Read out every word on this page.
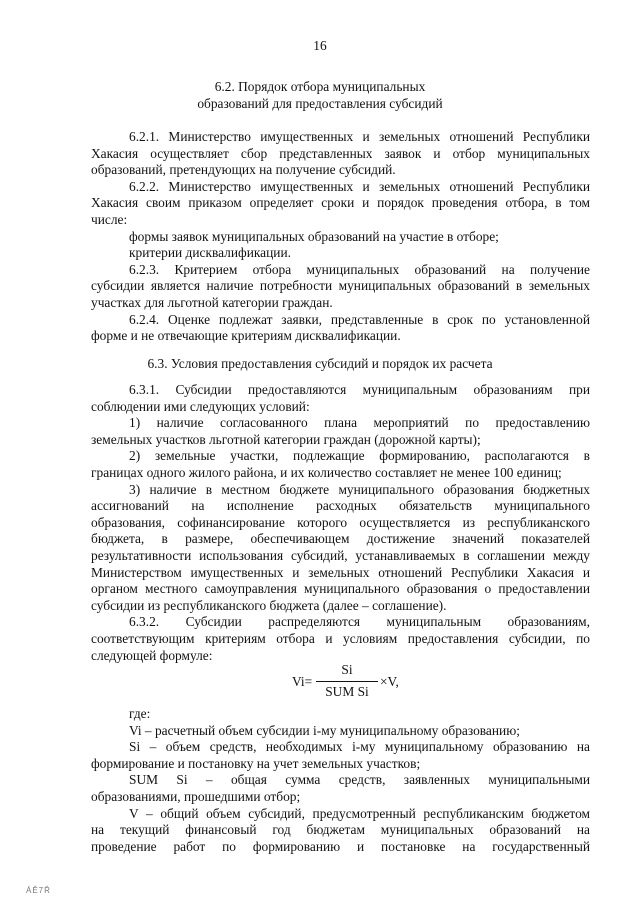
16
6.2. Порядок отбора муниципальных
образований для предоставления субсидий
6.2.1. Министерство имущественных и земельных отношений Республики
Хакасия осуществляет сбор представленных заявок и отбор муниципальных
образований, претендующих на получение субсидий.
6.2.2. Министерство имущественных и земельных отношений Республики
Хакасия своим приказом определяет сроки и порядок проведения отбора, в том
числе:
формы заявок муниципальных образований на участие в отборе;
критерии дисквалификации.
6.2.3. Критерием отбора муниципальных образований на получение
субсидии является наличие потребности муниципальных образований в земельных
участках для льготной категории граждан.
6.2.4. Оценке подлежат заявки, представленные в срок по установленной
форме и не отвечающие критериям дисквалификации.
6.3. Условия предоставления субсидий и порядок их расчета
6.3.1. Субсидии предоставляются муниципальным образованиям при
соблюдении ими следующих условий:
1) наличие согласованного плана мероприятий по предоставлению
земельных участков льготной категории граждан (дорожной карты);
2) земельные участки, подлежащие формированию, располагаются в
границах одного жилого района, и их количество составляет не менее 100 единиц;
3) наличие в местном бюджете муниципального образования бюджетных
ассигнований на исполнение расходных обязательств муниципального
образования, софинансирование которого осуществляется из республиканского
бюджета, в размере, обеспечивающем достижение значений показателей
результативности использования субсидий, устанавливаемых в соглашении между
Министерством имущественных и земельных отношений Республики Хакасия и
органом местного самоуправления муниципального образования о предоставлении
субсидии из республиканского бюджета (далее – соглашение).
6.3.2. Субсидии распределяются муниципальным образованиям,
соответствующим критериям отбора и условиям предоставления субсидии, по
следующей формуле:
Vi=
Si
SUM Si
×V,
где:
Vi – расчетный объем субсидии i-му муниципальному образованию;
Si – объем средств, необходимых i-му муниципальному образованию на
формирование и постановку на учет земельных участков;
SUM Si – общая сумма средств, заявленных муниципальными
образованиями, прошедшими отбор;
V – общий объем субсидий, предусмотренный республиканским бюджетом
на текущий финансовый год бюджетам муниципальных образований на
проведение работ по формированию и постановке на государственный
ÁĚ7Ř
